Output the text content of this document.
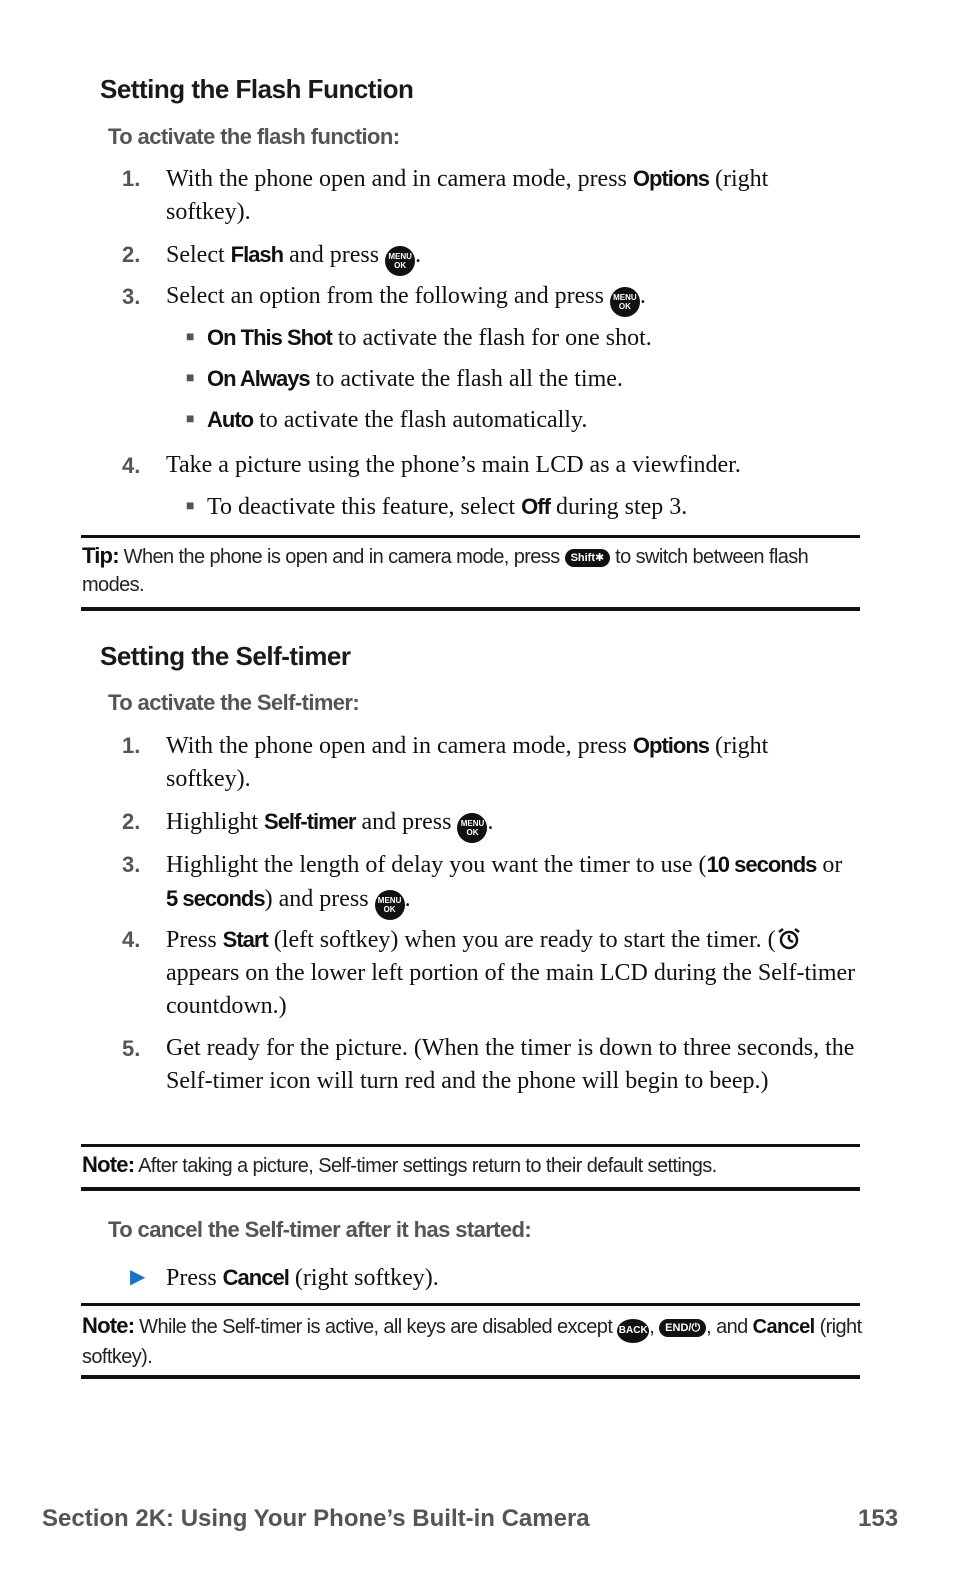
Setting the Flash Function
To activate the flash function:
1. With the phone open and in camera mode, press Options (right softkey).
2. Select Flash and press MENU
OK .
3. Select an option from the following and press MENU
OK .
■ On This Shot to activate the flash for one shot.
■ On Always to activate the flash all the time.
■ Auto to activate the flash automatically.
4. Take a picture using the phone’s main LCD as a viewfinder.
■ To deactivate this feature, select Off during step 3.
Tip: When the phone is open and in camera mode, press Shift✱ to switch between flash modes.
Setting the Self-timer
To activate the Self-timer:
1. With the phone open and in camera mode, press Options (right softkey).
2. Highlight Self-timer and press MENU
OK .
3. Highlight the length of delay you want the timer to use (10 seconds or 5 seconds) and press MENU
OK .
4. Press Start (left softkey) when you are ready to start the timer. ( appears on the lower left portion of the main LCD during the Self-timer countdown.)
5. Get ready for the picture. (When the timer is down to three seconds, the Self-timer icon will turn red and the phone will begin to beep.)
Note: After taking a picture, Self-timer settings return to their default settings.
To cancel the Self-timer after it has started:
▶ Press Cancel (right softkey).
Note: While the Self-timer is active, all keys are disabled except BACK, END/⏻ , and Cancel (right softkey).
Section 2K: Using Your Phone’s Built-in Camera	153
